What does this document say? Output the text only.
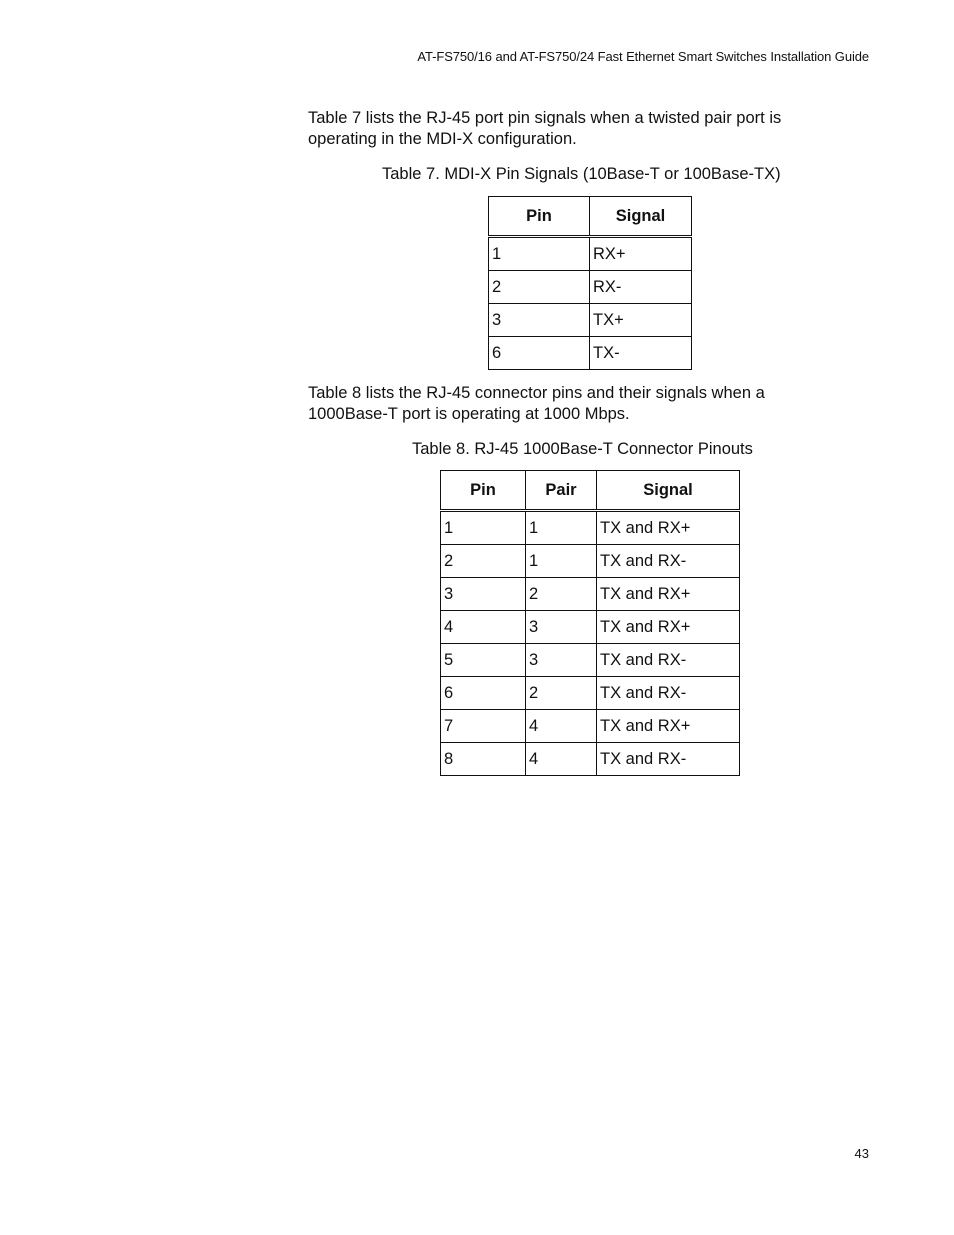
AT-FS750/16 and AT-FS750/24 Fast Ethernet Smart Switches Installation Guide

Table 7 lists the RJ-45 port pin signals when a twisted pair port is operating in the MDI-X configuration.

Table 7. MDI-X Pin Signals (10Base-T or 100Base-TX)

Pin	Signal
1	RX+
2	RX-
3	TX+
6	TX-

Table 8 lists the RJ-45 connector pins and their signals when a 1000Base-T port is operating at 1000 Mbps.

Table 8. RJ-45 1000Base-T Connector Pinouts

Pin	Pair	Signal
1	1	TX and RX+
2	1	TX and RX-
3	2	TX and RX+
4	3	TX and RX+
5	3	TX and RX-
6	2	TX and RX-
7	4	TX and RX+
8	4	TX and RX-
43
